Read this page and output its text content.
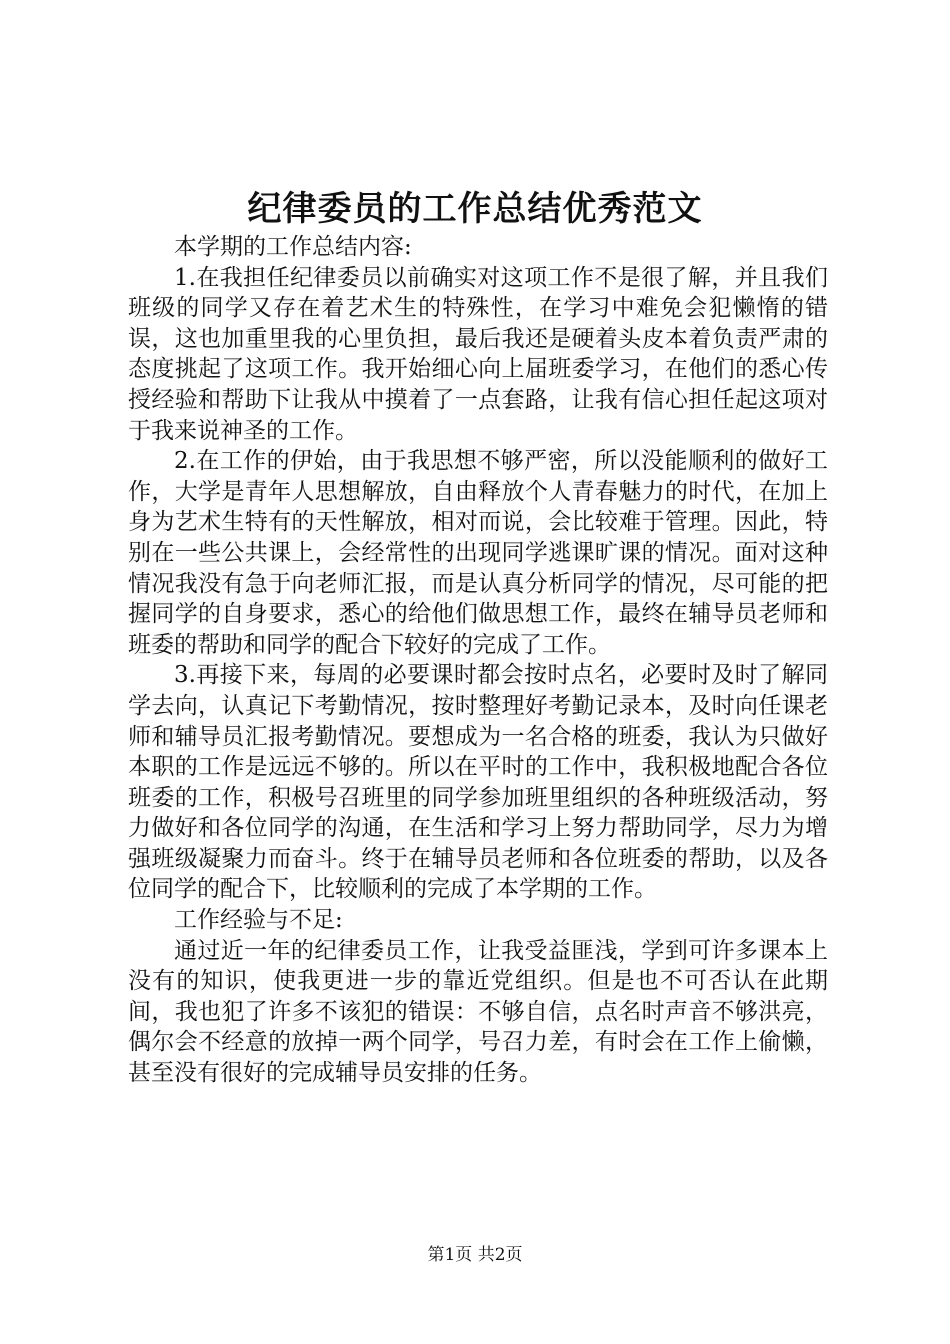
纪律委员的工作总结优秀范文

本学期的工作总结内容:

1.在我担任纪律委员以前确实对这项工作不是很了解，并且我们班级的同学又存在着艺术生的特殊性，在学习中难免会犯懒惰的错误，这也加重里我的心里负担，最后我还是硬着头皮本着负责严肃的态度挑起了这项工作。我开始细心向上届班委学习，在他们的悉心传授经验和帮助下让我从中摸着了一点套路，让我有信心担任起这项对于我来说神圣的工作。

2.在工作的伊始，由于我思想不够严密，所以没能顺利的做好工作，大学是青年人思想解放，自由释放个人青春魅力的时代，在加上身为艺术生特有的天性解放，相对而说，会比较难于管理。因此，特别在一些公共课上，会经常性的出现同学逃课旷课的情况。面对这种情况我没有急于向老师汇报，而是认真分析同学的情况，尽可能的把握同学的自身要求，悉心的给他们做思想工作，最终在辅导员老师和班委的帮助和同学的配合下较好的完成了工作。

3.再接下来，每周的必要课时都会按时点名，必要时及时了解同学去向，认真记下考勤情况，按时整理好考勤记录本，及时向任课老师和辅导员汇报考勤情况。要想成为一名合格的班委，我认为只做好本职的工作是远远不够的。所以在平时的工作中，我积极地配合各位班委的工作，积极号召班里的同学参加班里组织的各种班级活动，努力做好和各位同学的沟通，在生活和学习上努力帮助同学，尽力为增强班级凝聚力而奋斗。终于在辅导员老师和各位班委的帮助，以及各位同学的配合下，比较顺利的完成了本学期的工作。

工作经验与不足:

通过近一年的纪律委员工作，让我受益匪浅，学到可许多课本上没有的知识，使我更进一步的靠近党组织。但是也不可否认在此期间，我也犯了许多不该犯的错误：不够自信，点名时声音不够洪亮，偶尔会不经意的放掉一两个同学，号召力差，有时会在工作上偷懒，甚至没有很好的完成辅导员安排的任务。

第1页 共2页
